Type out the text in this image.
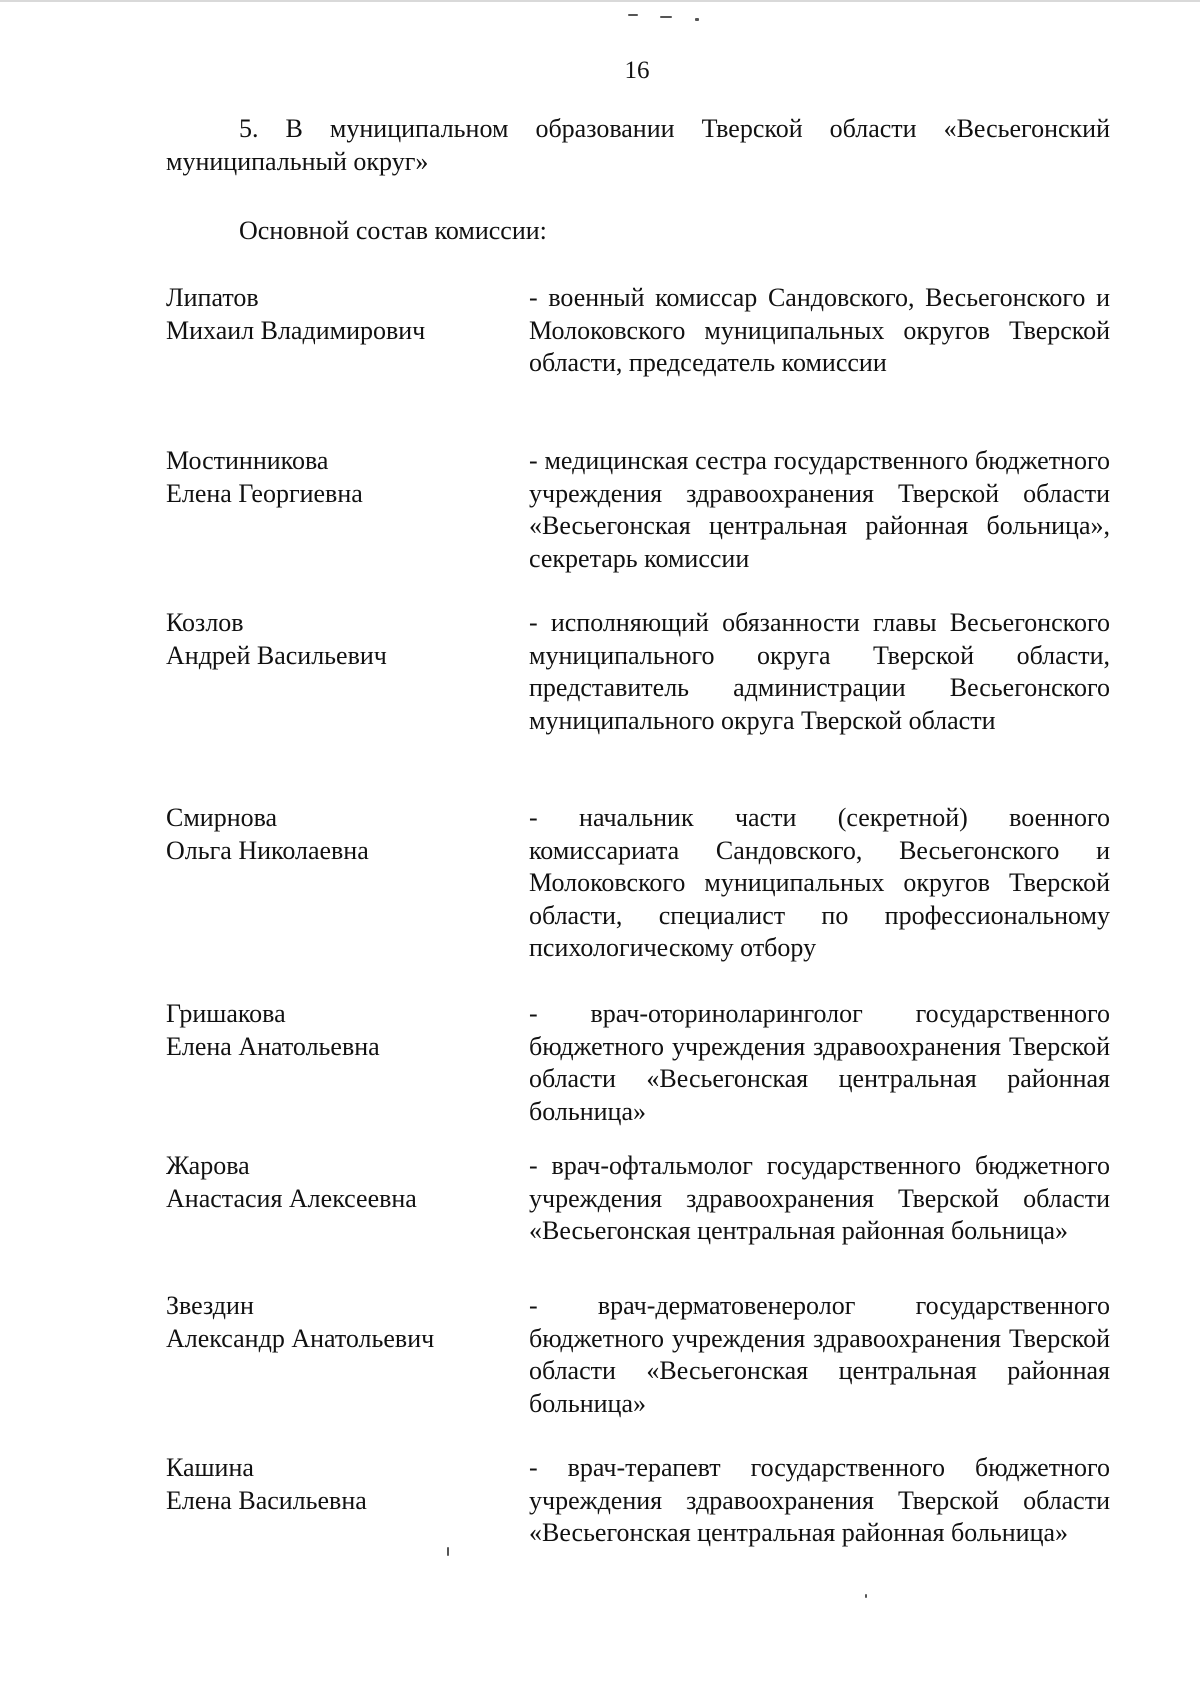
16
5. В муниципальном образовании Тверской области «Весьегонский муниципальный округ»
Основной состав комиссии:
Липатов
Михаил Владимирович
- военный комиссар Сандовского, Весьегонского и Молоковского муниципальных округов Тверской области, председатель комиссии
Мостинникова
Елена Георгиевна
- медицинская сестра государственного бюджетного учреждения здравоохранения Тверской области «Весьегонская центральная районная больница», секретарь комиссии
Козлов
Андрей Васильевич
- исполняющий обязанности главы Весьегонского муниципального округа Тверской области, представитель администрации Весьегонского муниципального округа Тверской области
Смирнова
Ольга Николаевна
- начальник части (секретной) военного комиссариата Сандовского, Весьегонского и Молоковского муниципальных округов Тверской области, специалист по профессиональному психологическому отбору
Гришакова
Елена Анатольевна
- врач-оториноларинголог государственного бюджетного учреждения здравоохранения Тверской области «Весьегонская центральная районная больница»
Жарова
Анастасия Алексеевна
- врач-офтальмолог государственного бюджетного учреждения здравоохранения Тверской области «Весьегонская центральная районная больница»
Звездин
Александр Анатольевич
- врач-дерматовенеролог государственного бюджетного учреждения здравоохранения Тверской области «Весьегонская центральная районная больница»
Кашина
Елена Васильевна
- врач-терапевт государственного бюджетного учреждения здравоохранения Тверской области «Весьегонская центральная районная больница»
